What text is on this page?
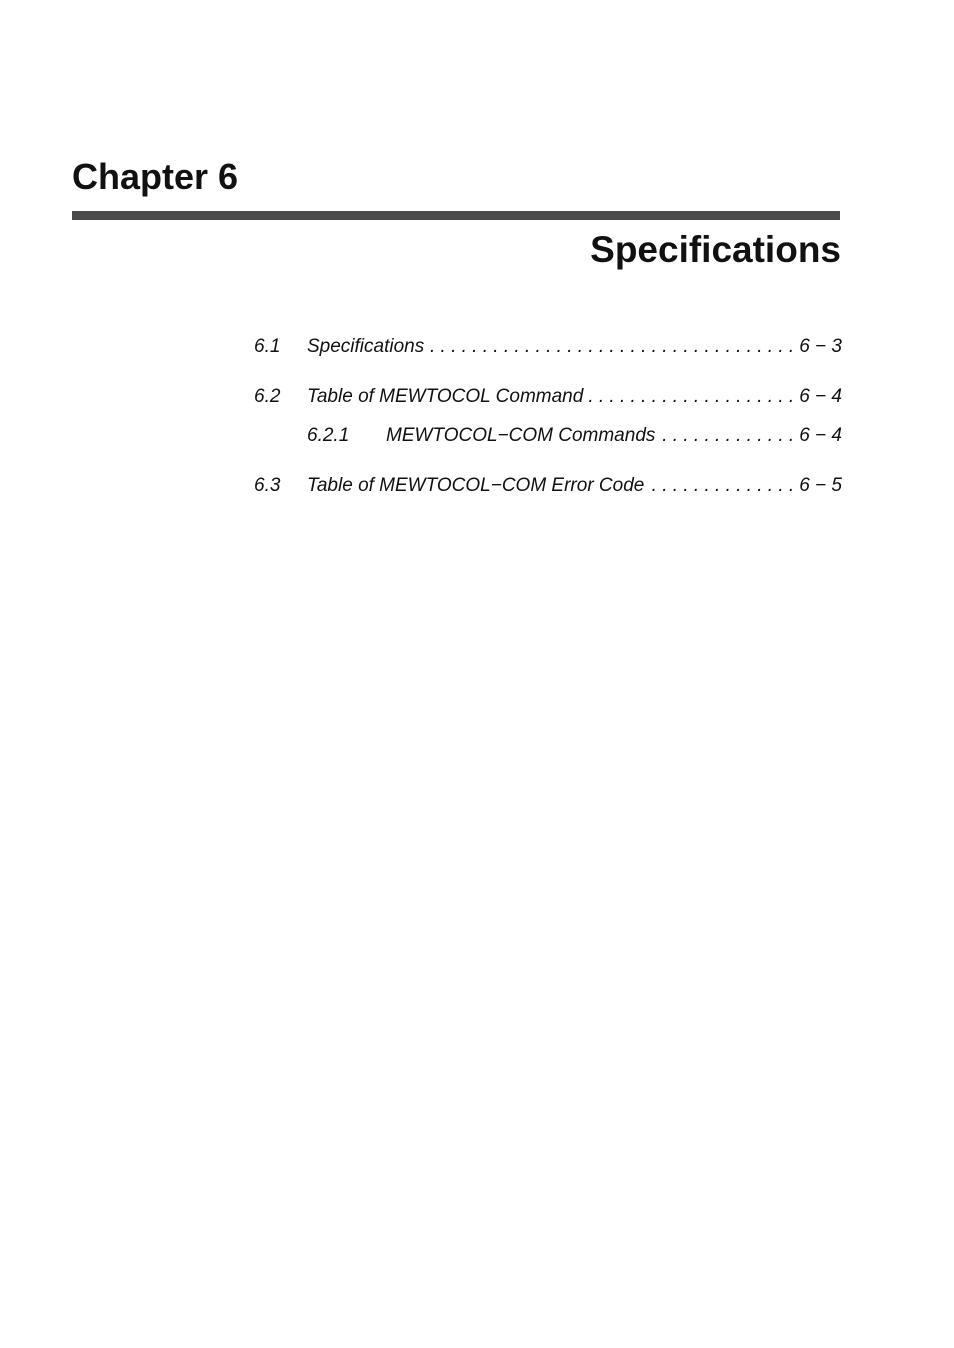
Chapter 6
Specifications
6.1	Specifications . . .	6 − 3
6.2	Table of MEWTOCOL Command . . .	6 − 4
6.2.1	MEWTOCOL−COM Commands . . .	6 − 4
6.3	Table of MEWTOCOL−COM Error Code . . .	6 − 5
